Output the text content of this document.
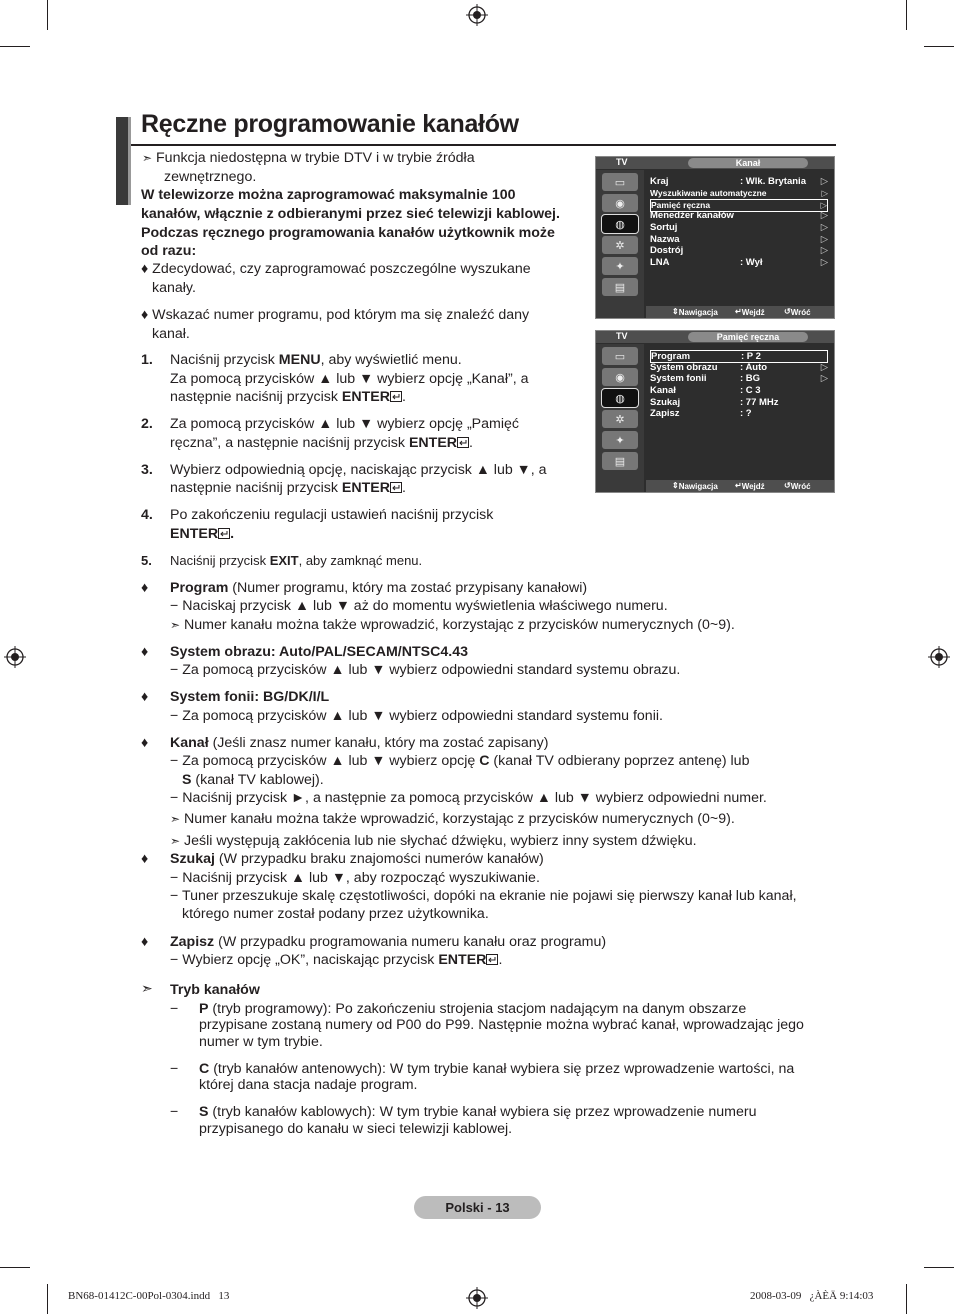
Ręczne programowanie kanałów
➣ Funkcja niedostępna w trybie DTV i w trybie źródła
zewnętrznego.
W telewizorze można zaprogramować maksymalnie 100
kanałów, włącznie z odbieranymi przez sieć telewizji kablowej.
Podczas ręcznego programowania kanałów użytkownik może
od razu:
♦ Zdecydować, czy zaprogramować poszczególne wyszukane
kanały.
♦ Wskazać numer programu, pod którym ma się znaleźć dany
kanał.
1. Naciśnij przycisk MENU, aby wyświetlić menu.
Za pomocą przycisków ▲ lub ▼ wybierz opcję „Kanał”, a
następnie naciśnij przycisk ENTER .
2. Za pomocą przycisków ▲ lub ▼ wybierz opcję „Pamięć
ręczna”, a następnie naciśnij przycisk ENTER .
3. Wybierz odpowiednią opcję, naciskając przycisk ▲ lub ▼, a
następnie naciśnij przycisk ENTER .
4. Po zakończeniu regulacji ustawień naciśnij przycisk
ENTER .
5. Naciśnij przycisk EXIT, aby zamknąć menu.
♦ Program (Numer programu, który ma zostać przypisany kanałowi)
− Naciskaj przycisk ▲ lub ▼ aż do momentu wyświetlenia właściwego numeru.
➣ Numer kanału można także wprowadzić, korzystając z przycisków numerycznych (0~9).
♦ System obrazu: Auto/PAL/SECAM/NTSC4.43
− Za pomocą przycisków ▲ lub ▼ wybierz odpowiedni standard systemu obrazu.
♦ System fonii: BG/DK/I/L
− Za pomocą przycisków ▲ lub ▼ wybierz odpowiedni standard systemu fonii.
♦ Kanał (Jeśli znasz numer kanału, który ma zostać zapisany)
− Za pomocą przycisków ▲ lub ▼ wybierz opcję C (kanał TV odbierany poprzez antenę) lub
S (kanał TV kablowej).
− Naciśnij przycisk ►, a następnie za pomocą przycisków ▲ lub ▼ wybierz odpowiedni numer.
➣ Numer kanału można także wprowadzić, korzystając z przycisków numerycznych (0~9).
➣ Jeśli występują zakłócenia lub nie słychać dźwięku, wybierz inny system dźwięku.
♦ Szukaj (W przypadku braku znajomości numerów kanałów)
− Naciśnij przycisk ▲ lub ▼, aby rozpocząć wyszukiwanie.
− Tuner przeszukuje skalę częstotliwości, dopóki na ekranie nie pojawi się pierwszy kanał lub kanał,
którego numer został podany przez użytkownika.
♦ Zapisz (W przypadku programowania numeru kanału oraz programu)
− Wybierz opcję „OK”, naciskając przycisk ENTER .
➣ Tryb kanałów
− P (tryb programowy): Po zakończeniu strojenia stacjom nadającym na danym obszarze
przypisane zostaną numery od P00 do P99. Następnie można wybrać kanał, wprowadzając jego
numer w tym trybie.
− C (tryb kanałów antenowych): W tym trybie kanał wybiera się przez wprowadzenie wartości, na
której dana stacja nadaje program.
− S (tryb kanałów kablowych): W tym trybie kanał wybiera się przez wprowadzenie numeru
przypisanego do kanału w sieci telewizji kablowej.
TV	Kanał
▭
◉
◍
✲
✦
▤
Kraj	: Wlk. Brytania ▷
Wyszukiwanie automatyczne	▷
Pamięć ręczna	▷
Menedżer kanałów	▷
Sortuj	▷
Nazwa	▷
Dostrój	▷
LNA	: Wył	▷
⇕ Nawigacja ↵ Wejdź ↺ Wróć
TV	Pamięć ręczna
▭
◉
◍
✲
✦
▤
Program	: P 2
System obrazu : Auto	▷
System fonii	: BG	▷
Kanał	: C 3
Szukaj	: 77 MHz
Zapisz	: ?
⇕ Nawigacja ↵ Wejdź ↺ Wróć
Polski - 13
BN68-01412C-00Pol-0304.indd   13	2008-03-09   ¿ÀÈÄ 9:14:03
